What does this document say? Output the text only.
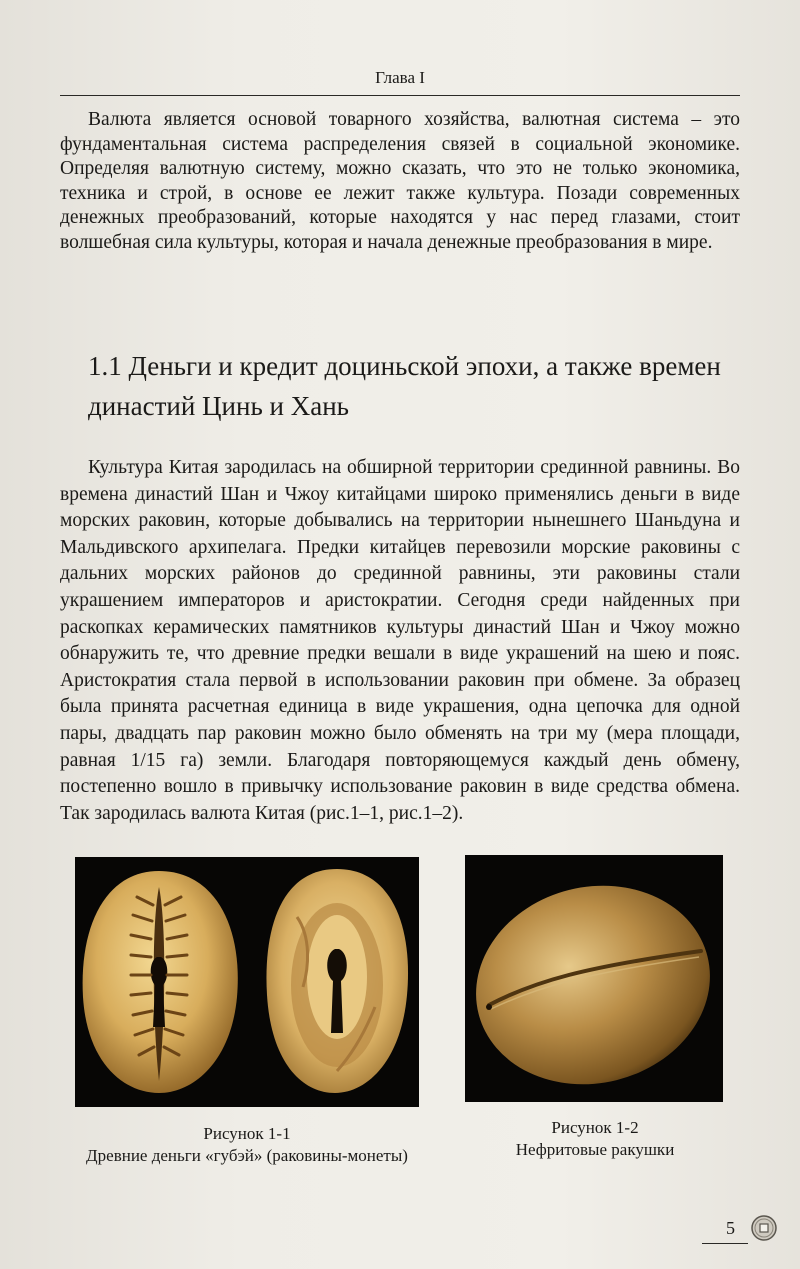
Глава I

Валюта является основой товарного хозяйства, валютная система – это фундаментальная система распределения связей в социальной экономике. Определяя валютную систему, можно сказать, что это не только экономика, техника и строй, в основе ее лежит также культура. Позади современных денежных преобразований, которые находятся у нас перед глазами, стоит волшебная сила культуры, которая и начала денежные преобразования в мире.

1.1 Деньги и кредит доциньской эпохи, а также времен династий Цинь и Хань

Культура Китая зародилась на обширной территории срединной равнины. Во времена династий Шан и Чжоу китайцами широко применялись деньги в виде морских раковин, которые добывались на территории нынешнего Шаньдуна и Мальдивского архипелага. Предки китайцев перевозили морские раковины с дальних морских районов до срединной равнины, эти раковины стали украшением императоров и аристократии. Сегодня среди найденных при раскопках керамических памятников культуры династий Шан и Чжоу можно обнаружить те, что древние предки вешали в виде украшений на шею и пояс. Аристократия стала первой в использовании раковин при обмене. За образец была принята расчетная единица в виде украшения, одна цепочка для одной пары, двадцать пар раковин можно было обменять на три му (мера площади, равная 1/15 га) земли. Благодаря повторяющемуся каждый день обмену, постепенно вошло в привычку использование раковин в виде средства обмена. Так зародилась валюта Китая (рис.1–1, рис.1–2).

Рисунок 1-1
Древние деньги «губэй» (раковины-монеты)
Рисунок 1-2
Нефритовые ракушки
5
